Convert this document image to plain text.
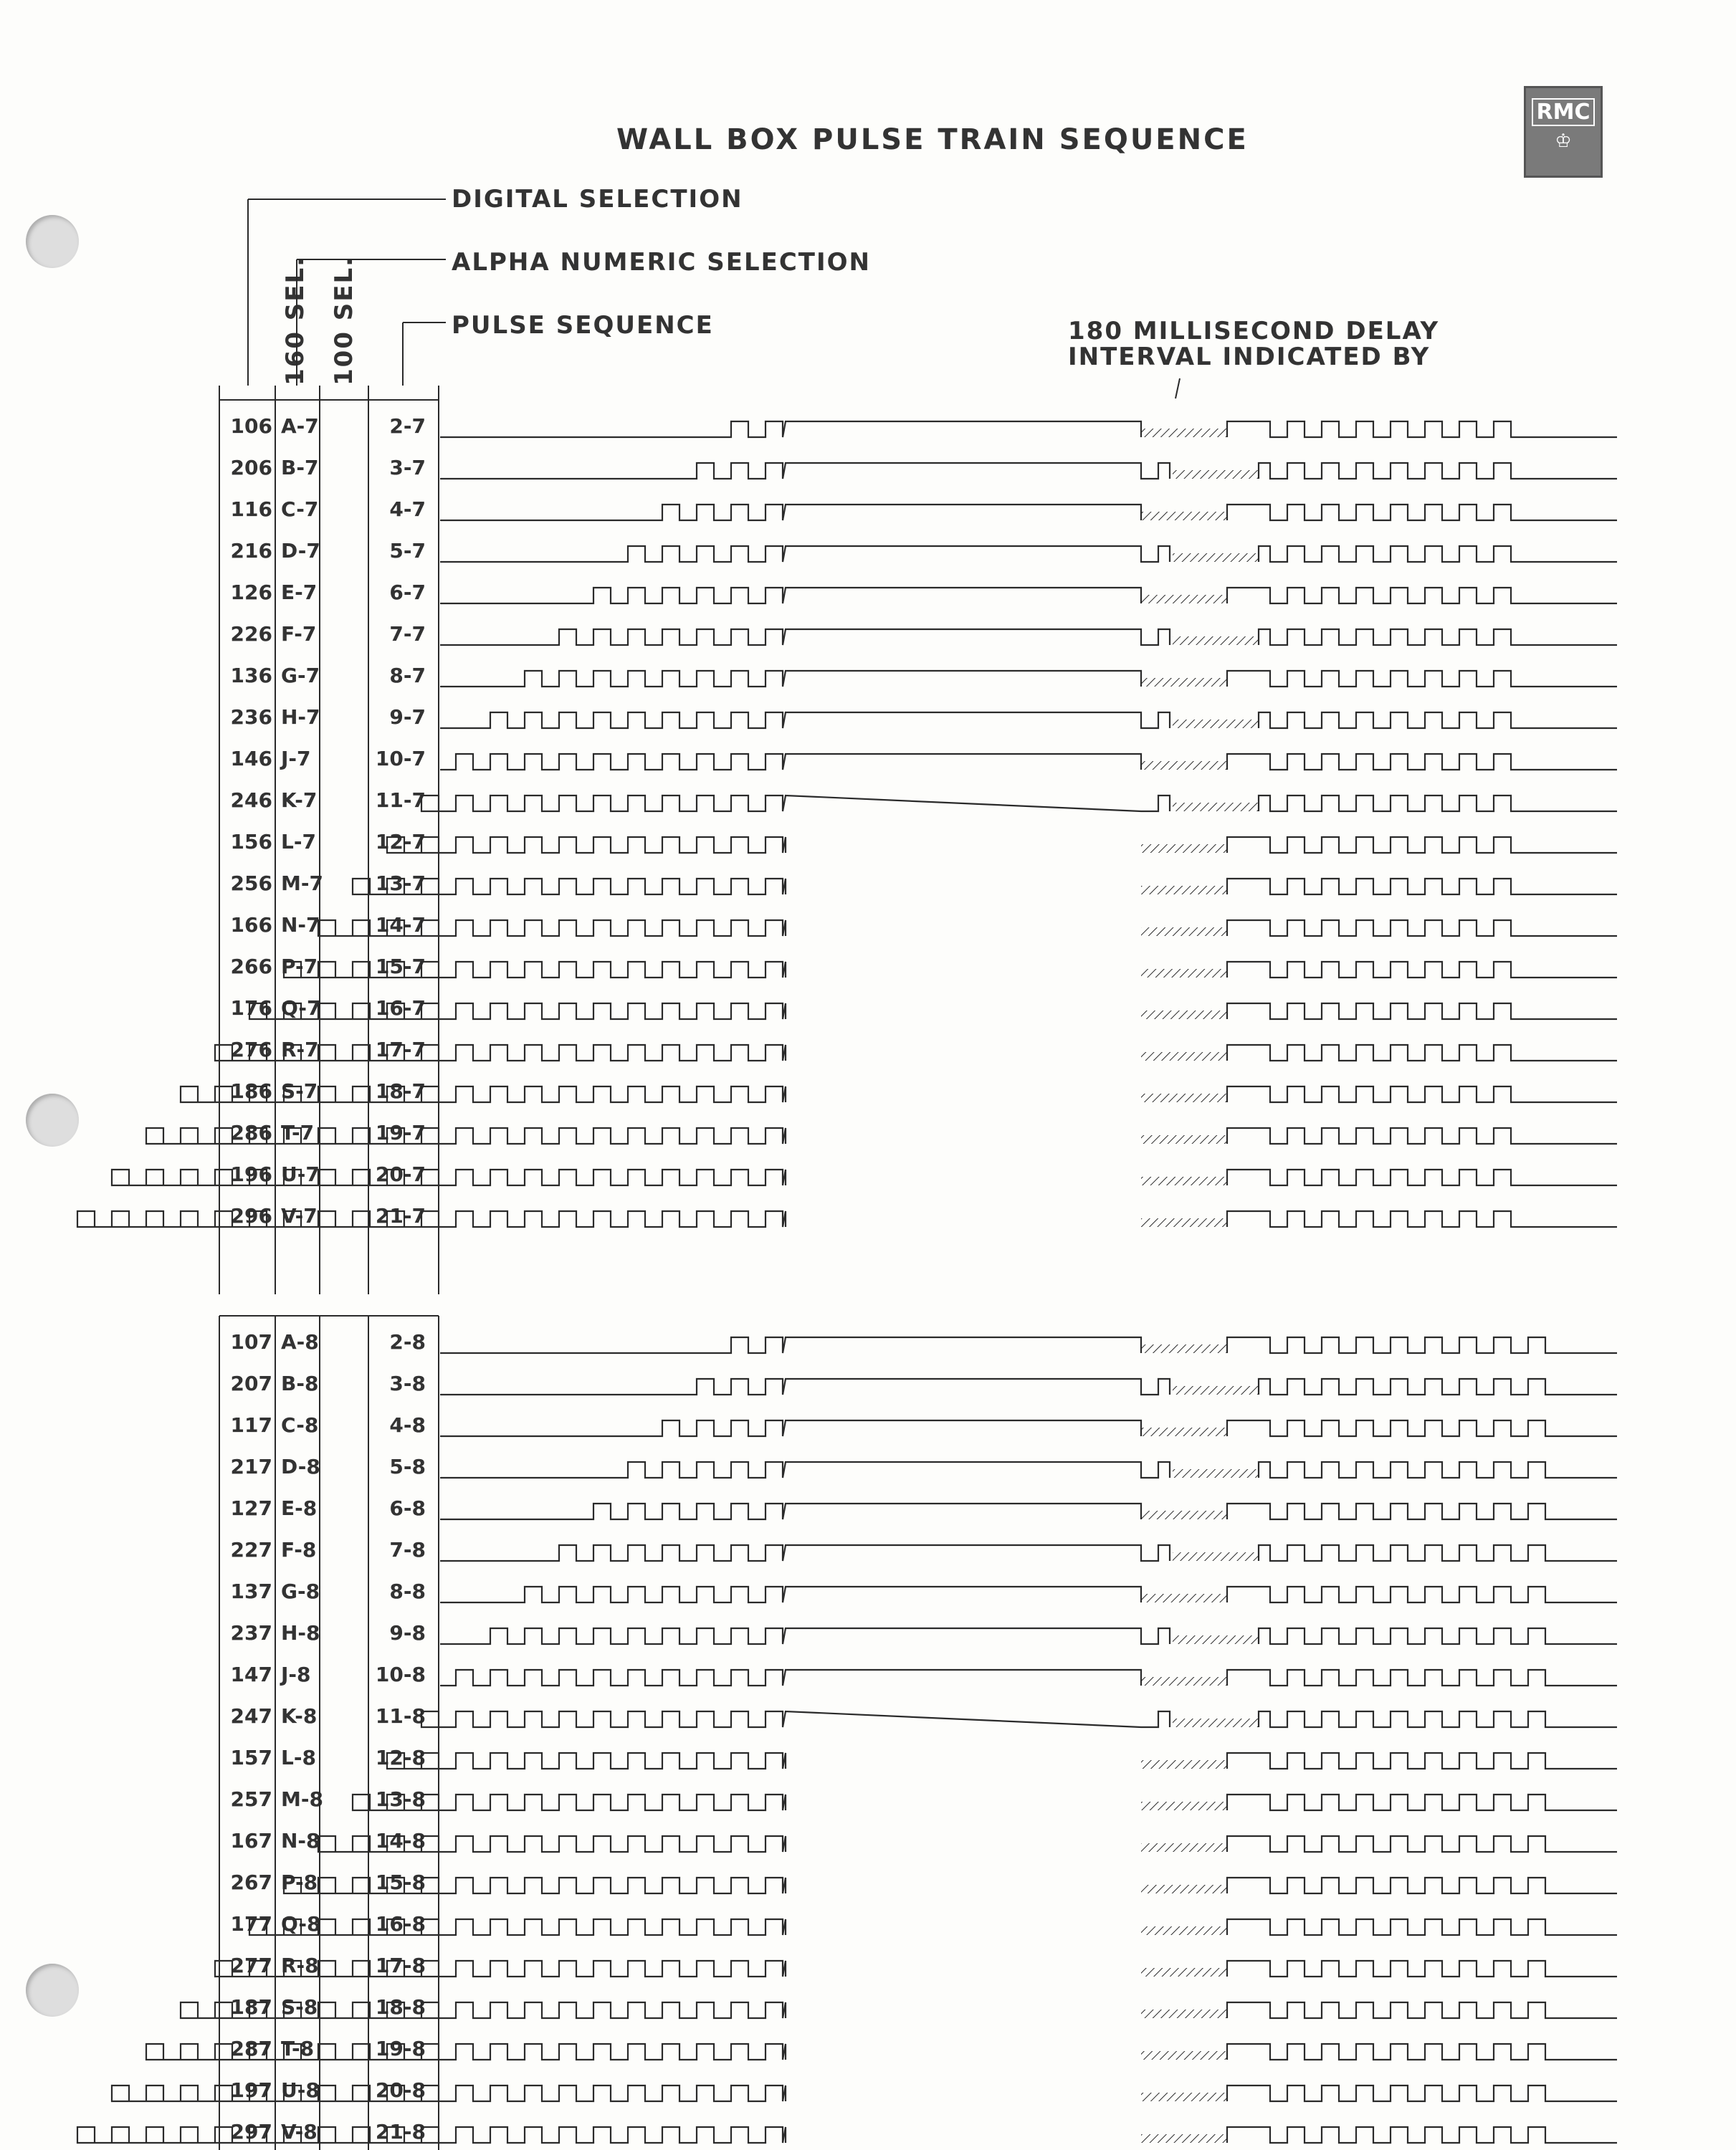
RMC
♔
WALL BOX PULSE TRAIN SEQUENCE
DIGITAL SELECTION
ALPHA NUMERIC SELECTION
PULSE SEQUENCE
160 SEL. 100 SEL.	180 MILLISECOND DELAY
INTERVAL INDICATED BY
106 A-7	2-7
206 B-7	3-7
116 C-7	4-7
216 D-7	5-7
126 E-7	6-7
226 F-7	7-7
136 G-7	8-7
236 H-7	9-7
146 J-7	10-7
246 K-7	11-7
156 L-7	12-7
256 M-7	13-7
166 N-7	14-7
266 P-7	15-7
176 Q-7	16-7
276 R-7	17-7
186 S-7	18-7
286 T-7	19-7
196 U-7	20-7
296 V-7	21-7
107 A-8	2-8
207 B-8	3-8
117 C-8	4-8
217 D-8	5-8
127 E-8	6-8
227 F-8	7-8
137 G-8	8-8
237 H-8	9-8
147 J-8	10-8
247 K-8	11-8
157 L-8	12-8
257 M-8	13-8
167 N-8	14-8
267 P-8	15-8
177 Q-8	16-8
277 R-8	17-8
187 S-8	18-8
287 T-8	19-8
197 U-8	20-8
297 V-8	21-8
